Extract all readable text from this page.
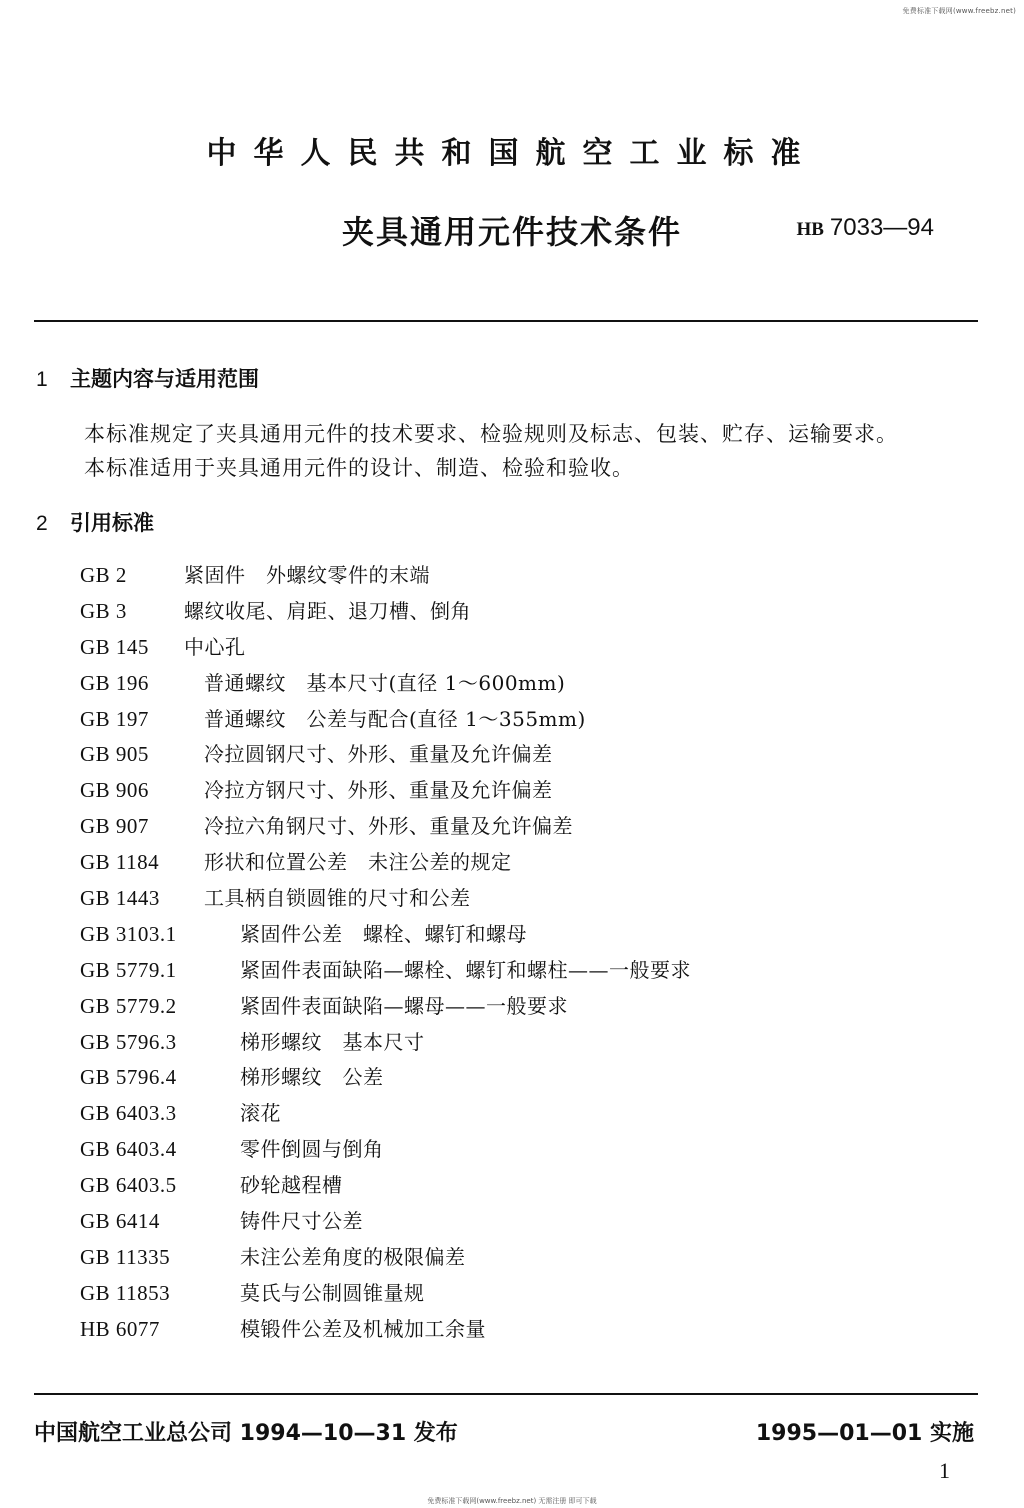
免费标准下载网(www.freebz.net)
中华人民共和国航空工业标准
夹具通用元件技术条件	HB 7033—94
1 主题内容与适用范围
本标准规定了夹具通用元件的技术要求、检验规则及标志、包装、贮存、运输要求。
本标准适用于夹具通用元件的设计、制造、检验和验收。
2 引用标准
GB 2	紧固件　外螺纹零件的末端
GB 3	螺纹收尾、肩距、退刀槽、倒角
GB 145 中心孔
GB 196	普通螺纹　基本尺寸(直径 1～600mm)
GB 197	普通螺纹　公差与配合(直径 1～355mm)
GB 905	冷拉圆钢尺寸、外形、重量及允许偏差
GB 906	冷拉方钢尺寸、外形、重量及允许偏差
GB 907	冷拉六角钢尺寸、外形、重量及允许偏差
GB 1184 形状和位置公差　未注公差的规定
GB 1443 工具柄自锁圆锥的尺寸和公差
GB 3103.1	紧固件公差　螺栓、螺钉和螺母
GB 5779.1	紧固件表面缺陷—螺栓、螺钉和螺柱——一般要求
GB 5779.2	紧固件表面缺陷—螺母——一般要求
GB 5796.3	梯形螺纹　基本尺寸
GB 5796.4	梯形螺纹　公差
GB 6403.3	滚花
GB 6403.4	零件倒圆与倒角
GB 6403.5	砂轮越程槽
GB 6414	铸件尺寸公差
GB 11335	未注公差角度的极限偏差
GB 11853	莫氏与公制圆锥量规
HB 6077	模锻件公差及机械加工余量
中国航空工业总公司 1994—10—31 发布	1995—01—01 实施
1
免费标准下载网(www.freebz.net) 无需注册 即可下载
